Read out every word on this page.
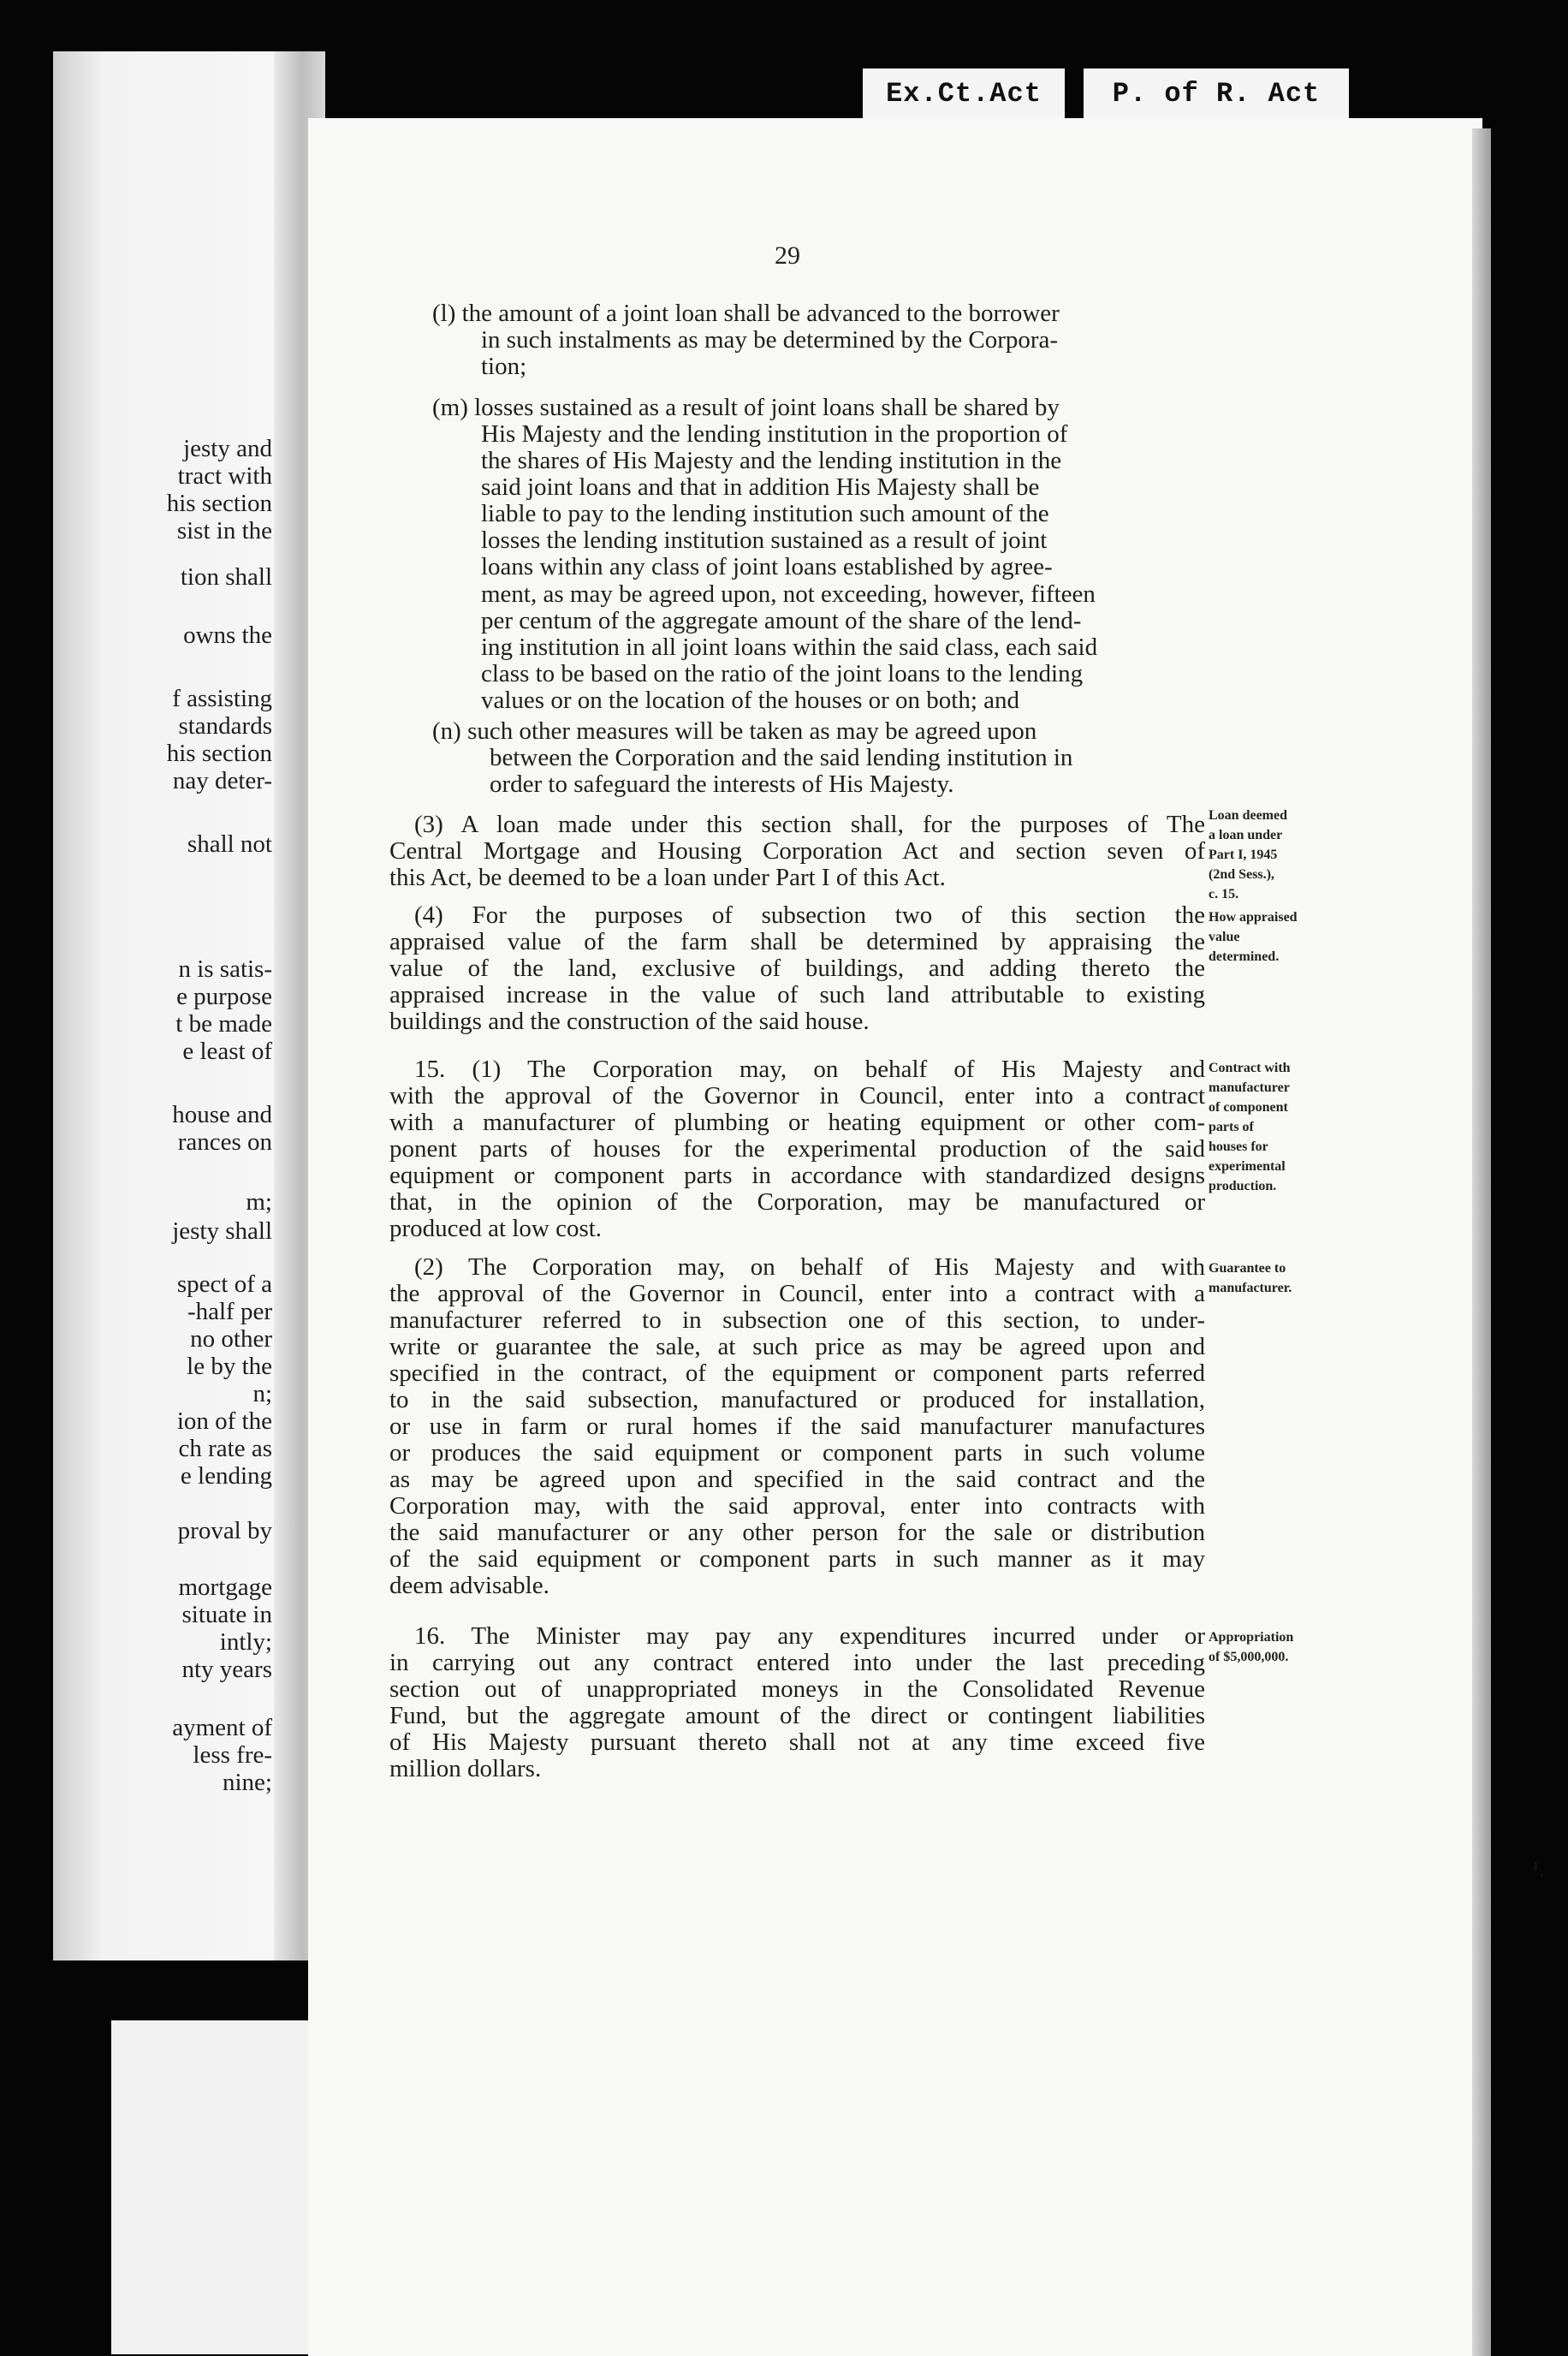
jesty and
tract with
his section
sist in the
tion shall
owns the
f assisting
standards
his section
nay deter-
shall not
n is satis-
e purpose
t be made
e least of
house and
rances on
m;
jesty shall
spect of a
-half per
no other
le by the
n;
ion of the
ch rate as
e lending
proval by
mortgage
situate in
intly;
nty years
ayment of
less fre-
nine;
Ex.Ct.Act	P. of R. Act
29
(l) the amount of a joint loan shall be advanced to the borrower
in such instalments as may be determined by the Corpora-
tion;
(m) losses sustained as a result of joint loans shall be shared by
His Majesty and the lending institution in the proportion of
the shares of His Majesty and the lending institution in the
said joint loans and that in addition His Majesty shall be
liable to pay to the lending institution such amount of the
losses the lending institution sustained as a result of joint
loans within any class of joint loans established by agree-
ment, as may be agreed upon, not exceeding, however, fifteen
per centum of the aggregate amount of the share of the lend-
ing institution in all joint loans within the said class, each said
class to be based on the ratio of the joint loans to the lending
values or on the location of the houses or on both; and
(n) such other measures will be taken as may be agreed upon
between the Corporation and the said lending institution in
order to safeguard the interests of His Majesty.
(3) A loan made under this section shall, for the purposes of The
Central Mortgage and Housing Corporation Act and section seven of
this Act, be deemed to be a loan under Part I of this Act.
(4) For the purposes of subsection two of this section the
appraised value of the farm shall be determined by appraising the
value of the land, exclusive of buildings, and adding thereto the
appraised increase in the value of such land attributable to existing
buildings and the construction of the said house.
15. (1) The Corporation may, on behalf of His Majesty and
with the approval of the Governor in Council, enter into a contract
with a manufacturer of plumbing or heating equipment or other com-
ponent parts of houses for the experimental production of the said
equipment or component parts in accordance with standardized designs
that, in the opinion of the Corporation, may be manufactured or
produced at low cost.
(2) The Corporation may, on behalf of His Majesty and with
the approval of the Governor in Council, enter into a contract with a
manufacturer referred to in subsection one of this section, to under-
write or guarantee the sale, at such price as may be agreed upon and
specified in the contract, of the equipment or component parts referred
to in the said subsection, manufactured or produced for installation,
or use in farm or rural homes if the said manufacturer manufactures
or produces the said equipment or component parts in such volume
as may be agreed upon and specified in the said contract and the
Corporation may, with the said approval, enter into contracts with
the said manufacturer or any other person for the sale or distribution
of the said equipment or component parts in such manner as it may
deem advisable.
16. The Minister may pay any expenditures incurred under or
in carrying out any contract entered into under the last preceding
section out of unappropriated moneys in the Consolidated Revenue
Fund, but the aggregate amount of the direct or contingent liabilities
of His Majesty pursuant thereto shall not at any time exceed five
million dollars.
Loan deemed
a loan under
Part I, 1945
(2nd Sess.),
c. 15.
How appraised
value
determined.
Contract with
manufacturer
of component
parts of
houses for
experimental
production.
Guarantee to
manufacturer.
Appropriation
of $5,000,000.
